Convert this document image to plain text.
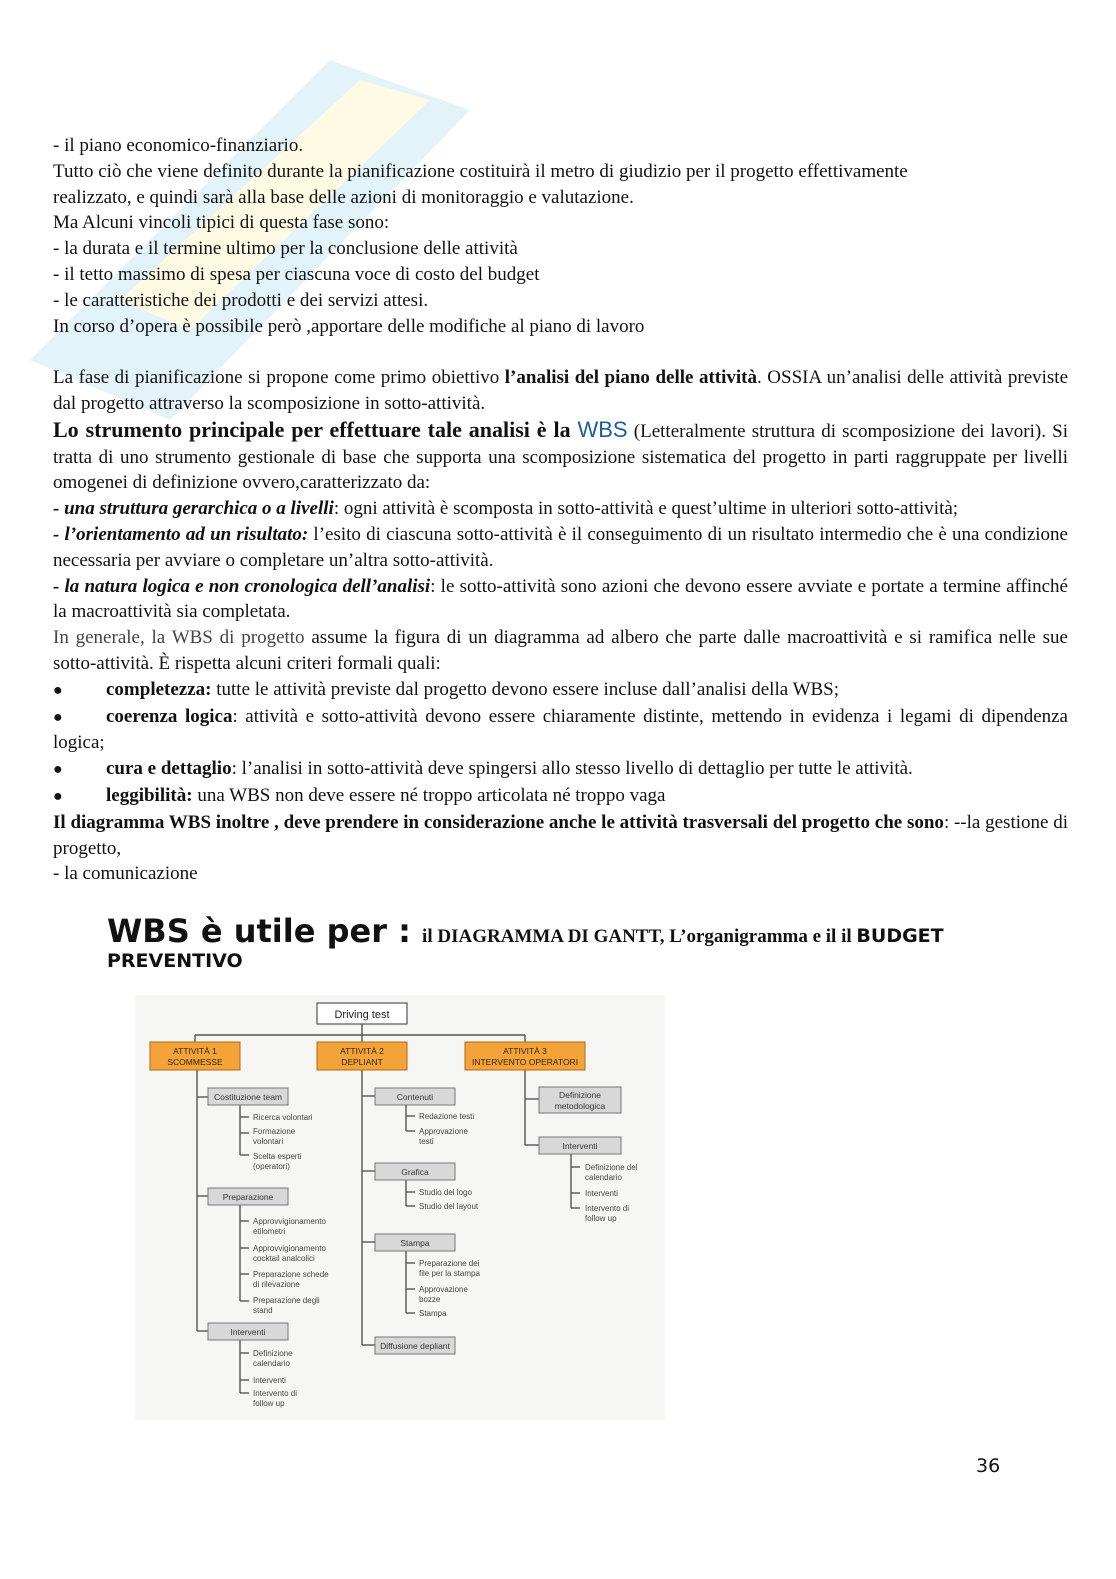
- il piano economico-finanziario.
Tutto ciò che viene definito durante la pianificazione costituirà il metro di giudizio per il progetto effettivamente
realizzato, e quindi sarà alla base delle azioni di monitoraggio e valutazione.
Ma Alcuni vincoli tipici di questa fase sono:
- la durata e il termine ultimo per la conclusione delle attività
- il tetto massimo di spesa per ciascuna voce di costo del budget
- le caratteristiche dei prodotti e dei servizi attesi.
In corso d’opera è possibile però ,apportare delle modifiche al piano di lavoro
La fase di pianificazione si propone come primo obiettivo l’analisi del piano delle attività. OSSIA un’analisi delle attività previste dal progetto attraverso la scomposizione in sotto-attività.
Lo strumento principale per effettuare tale analisi è la WBS (Letteralmente struttura di scomposizione dei lavori). Si tratta di uno strumento gestionale di base che supporta una scomposizione sistematica del progetto in parti raggruppate per livelli omogenei di definizione ovvero,caratterizzato da:
- una struttura gerarchica o a livelli: ogni attività è scomposta in sotto-attività e quest’ultime in ulteriori sotto-attività;
- l’orientamento ad un risultato: l’esito di ciascuna sotto-attività è il conseguimento di un risultato intermedio che è una condizione necessaria per avviare o completare un’altra sotto-attività.
- la natura logica e non cronologica dell’analisi: le sotto-attività sono azioni che devono essere avviate e portate a termine affinché la macroattività sia completata.
In generale, la WBS di progetto assume la figura di un diagramma ad albero che parte dalle macroattività e si ramifica nelle sue sotto-attività. È rispetta alcuni criteri formali quali:
● completezza: tutte le attività previste dal progetto devono essere incluse dall’analisi della WBS;
● coerenza logica: attività e sotto-attività devono essere chiaramente distinte, mettendo in evidenza i legami di dipendenza logica;
● cura e dettaglio: l’analisi in sotto-attività deve spingersi allo stesso livello di dettaglio per tutte le attività.
● leggibilità: una WBS non deve essere né troppo articolata né troppo vaga
Il diagramma WBS inoltre , deve prendere in considerazione anche le attività trasversali del progetto che sono: --la gestione di progetto,
- la comunicazione
WBS è utile per : il DIAGRAMMA DI GANTT, L’organigramma e il il BUDGET
PREVENTIVO
Driving test
ATTIVITÀ 1
SCOMMESSE
ATTIVITÀ 2
DEPLIANT
ATTIVITÀ 3
INTERVENTO OPERATORI
Costituzione team
Ricerca volontari
Formazione
volontari
Scelta esperti
(operatori)
Preparazione
Approvvigionamento
etilometri
Approvvigionamento
cocktail analcolici
Preparazione schede
di rilevazione
Preparazione degli
stand
Interventi
Definizione
calendario
Interventi
Intervento di
follow up
Contenuti
Redazione testi
Approvazione
testi
Grafica
Studio del logo
Studio del layout
Stampa
Preparazione dei
file per la stampa
Approvazione
bozze
Stampa
Diffusione depliant
Definizione
metodologica
Interventi
Definizione del
calendario
Interventi
Intervento di
follow up
36
